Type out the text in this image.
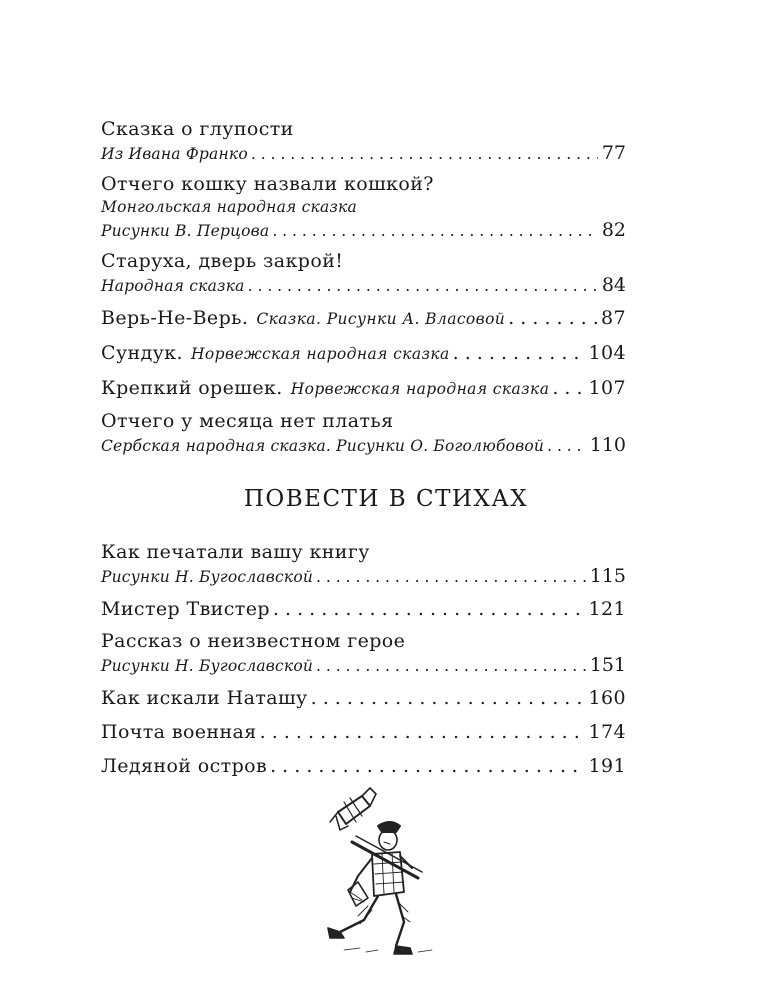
Сказка о глупости
Из Ивана Франко . . .	77
Отчего кошку назвали кошкой?
Монгольская народная сказка
Рисунки В. Перцова . . .	82
Старуха, дверь закрой!
Народная сказка . . .	84
Верь-Не-Верь. Сказка. Рисунки А. Власовой . . .	87
Сундук. Норвежская народная сказка . . .	104
Крепкий орешек. Норвежская народная сказка . . . 107
Отчего у месяца нет платья
Сербская народная сказка. Рисунки О. Боголюбовой . . . 110
ПОВЕСТИ В СТИХАХ
Как печатали вашу книгу
Рисунки Н. Бугославской . . .	115
Мистер Твистер . . .	121
Рассказ о неизвестном герое
Рисунки Н. Бугославской . . .	151
Как искали Наташу . . .	160
Почта военная . . .	174
Ледяной остров . . .	191
